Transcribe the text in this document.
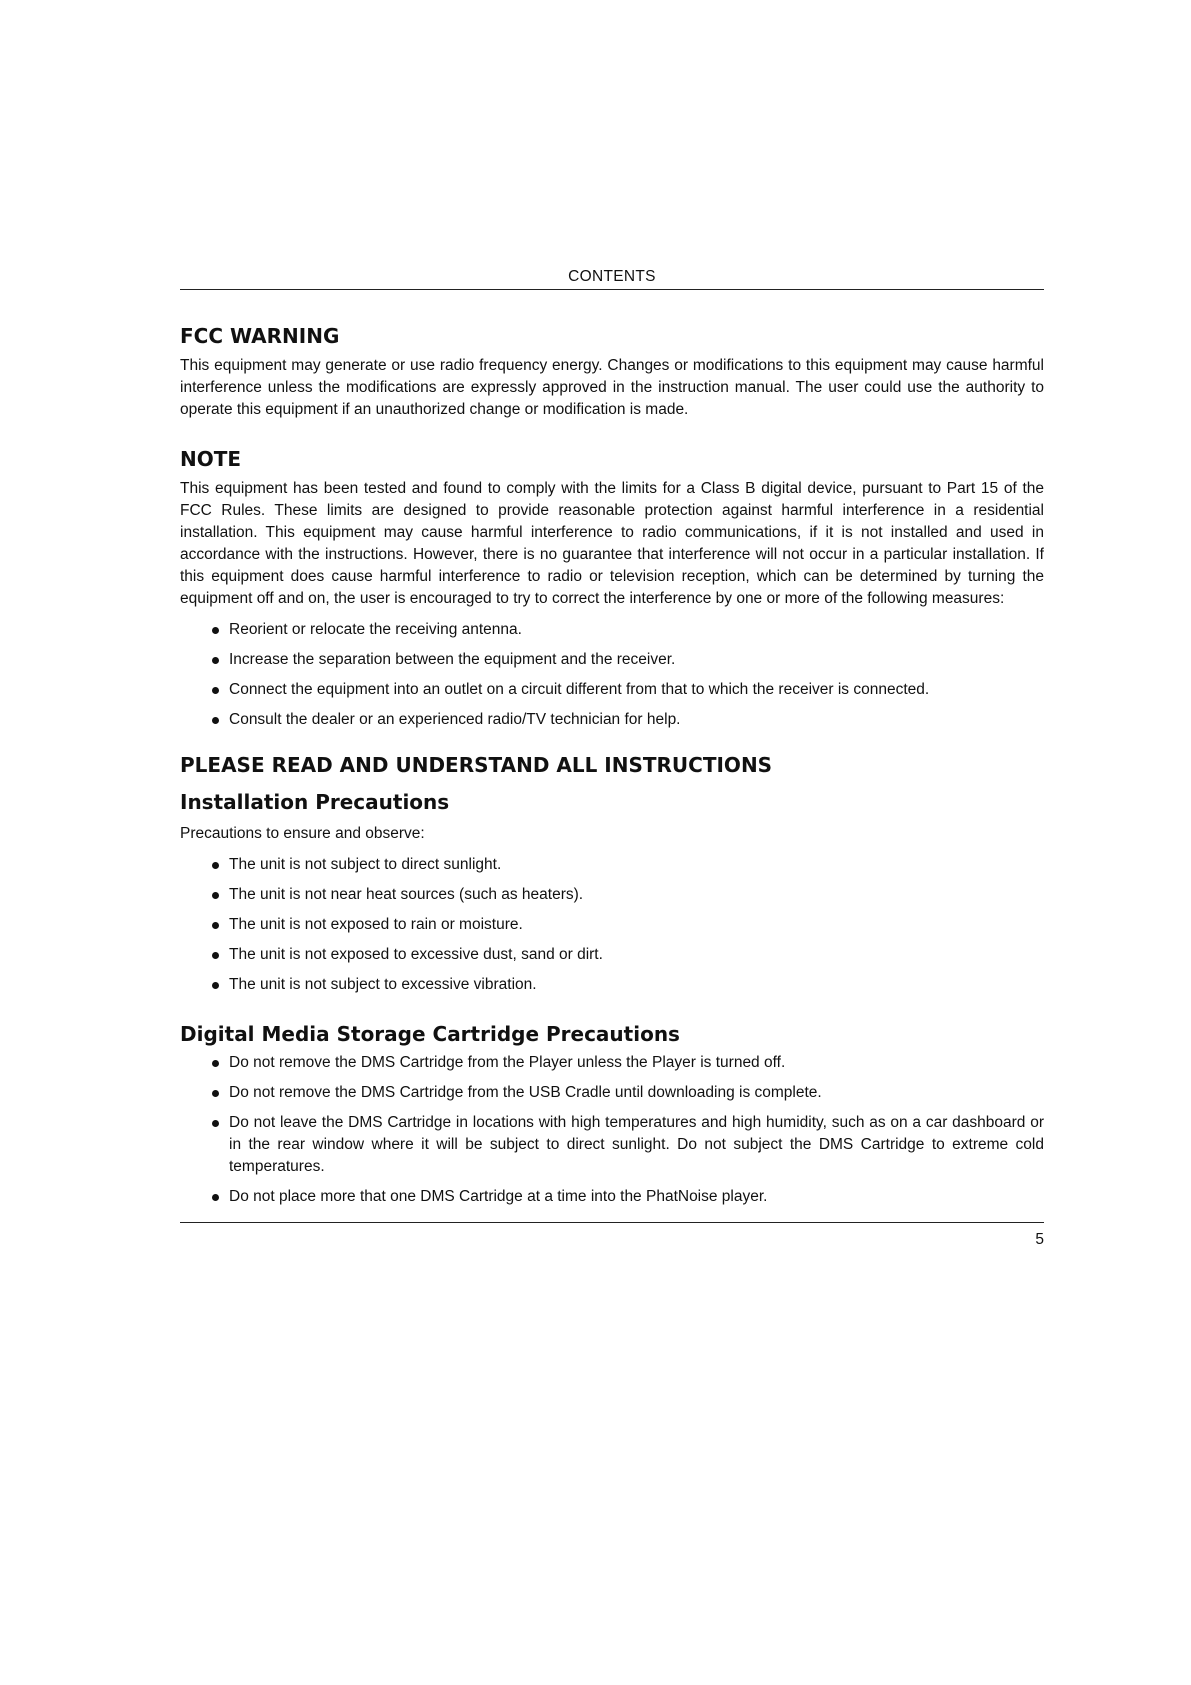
CONTENTS
FCC WARNING

This equipment may generate or use radio frequency energy. Changes or modifications to this equipment may cause harmful interference unless the modifications are expressly approved in the instruction manual. The user could use the authority to operate this equipment if an unauthorized change or modification is made.

NOTE

This equipment has been tested and found to comply with the limits for a Class B digital device, pursuant to Part 15 of the FCC Rules. These limits are designed to provide reasonable protection against harmful interference in a residential installation. This equipment may cause harmful interference to radio communications, if it is not installed and used in accordance with the instructions. However, there is no guarantee that interference will not occur in a particular installation. If this equipment does cause harmful interference to radio or television reception, which can be determined by turning the equipment off and on, the user is encouraged to try to correct the interference by one or more of the following measures:

Reorient or relocate the receiving antenna.
Increase the separation between the equipment and the receiver.
Connect the equipment into an outlet on a circuit different from that to which the receiver is connected.
Consult the dealer or an experienced radio/TV technician for help.
PLEASE READ AND UNDERSTAND ALL INSTRUCTIONS
Installation Precautions

Precautions to ensure and observe:

The unit is not subject to direct sunlight.
The unit is not near heat sources (such as heaters).
The unit is not exposed to rain or moisture.
The unit is not exposed to excessive dust, sand or dirt.
The unit is not subject to excessive vibration.
Digital Media Storage Cartridge Precautions
Do not remove the DMS Cartridge from the Player unless the Player is turned off.
Do not remove the DMS Cartridge from the USB Cradle until downloading is complete.
Do not leave the DMS Cartridge in locations with high temperatures and high humidity, such as on a car dashboard or in the rear window where it will be subject to direct sunlight. Do not subject the DMS Cartridge to extreme cold temperatures.
Do not place more that one DMS Cartridge at a time into the PhatNoise player.
5
